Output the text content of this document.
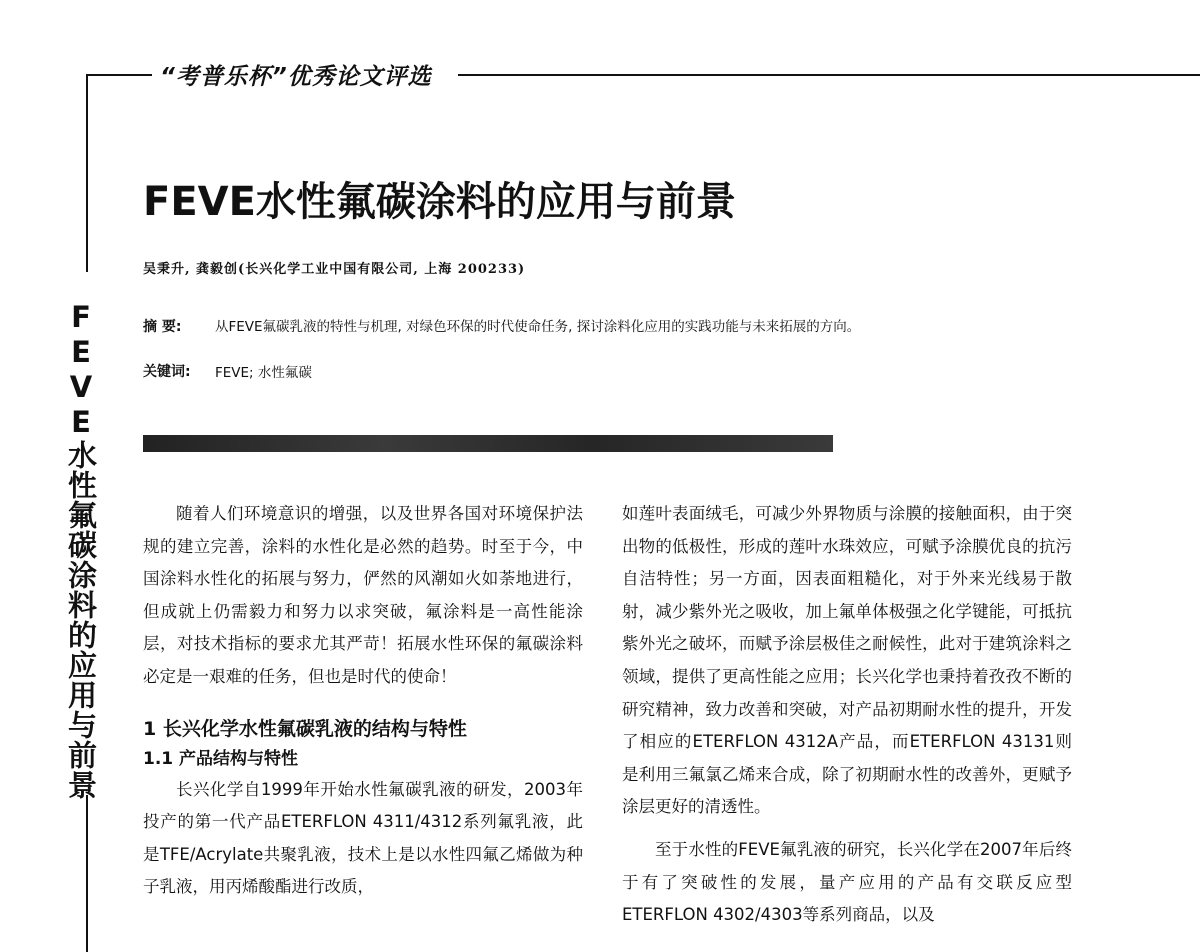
“考普乐杯”优秀论文评选
FEVE水性氟碳涂料的应用与前景
FEVE水性氟碳涂料的应用与前景
吴秉升, 龚毅创(长兴化学工业中国有限公司, 上海 200233)
摘 要: 从FEVE氟碳乳液的特性与机理, 对绿色环保的时代使命任务, 探讨涂料化应用的实践功能与未来拓展的方向。
关键词: FEVE; 水性氟碳

随着人们环境意识的增强，以及世界各国对环境保护法规的建立完善，涂料的水性化是必然的趋势。时至于今，中国涂料水性化的拓展与努力，俨然的风潮如火如荼地进行，但成就上仍需毅力和努力以求突破，氟涂料是一高性能涂层，对技术指标的要求尤其严苛！拓展水性环保的氟碳涂料必定是一艰难的任务，但也是时代的使命！

1 长兴化学水性氟碳乳液的结构与特性
1.1 产品结构与特性

长兴化学自1999年开始水性氟碳乳液的研发，2003年投产的第一代产品ETERFLON 4311/4312系列氟乳液，此是TFE/Acrylate共聚乳液，技术上是以水性四氟乙烯做为种子乳液，用丙烯酸酯进行改质，

如莲叶表面绒毛，可减少外界物质与涂膜的接触面积，由于突出物的低极性，形成的莲叶水珠效应，可赋予涂膜优良的抗污自洁特性；另一方面，因表面粗糙化，对于外来光线易于散射，减少紫外光之吸收，加上氟单体极强之化学键能，可抵抗紫外光之破坏，而赋予涂层极佳之耐候性，此对于建筑涂料之领域，提供了更高性能之应用；长兴化学也秉持着孜孜不断的研究精神，致力改善和突破，对产品初期耐水性的提升，开发了相应的ETERFLON 4312A产品，而ETERFLON 43131则是利用三氟氯乙烯来合成，除了初期耐水性的改善外，更赋予涂层更好的清透性。

至于水性的FEVE氟乳液的研究，长兴化学在2007年后终于有了突破性的发展，量产应用的产品有交联反应型ETERFLON 4302/4303等系列商品，以及
